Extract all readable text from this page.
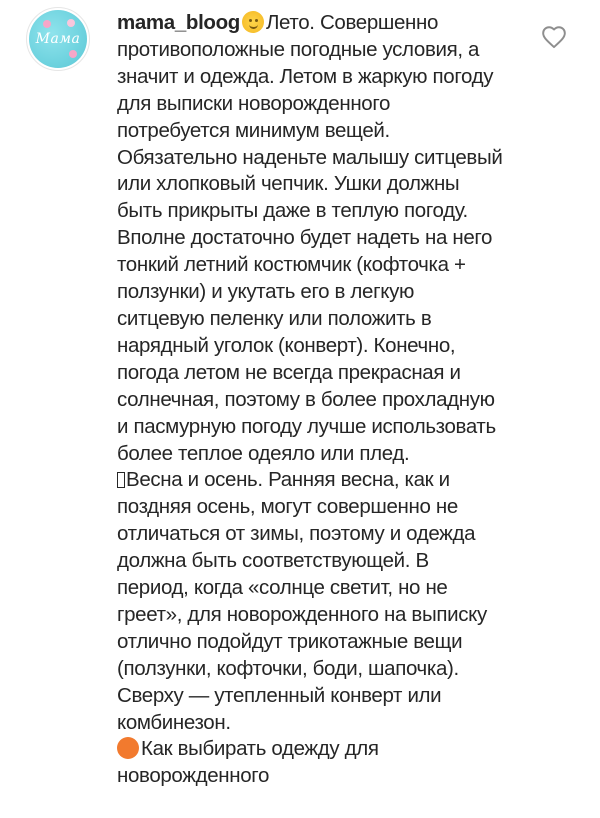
Мама
mama_bloog Лето. Совершенно
противоположные погодные условия, а
значит и одежда. Летом в жаркую погоду
для выписки новорожденного
потребуется минимум вещей.
Обязательно наденьте малышу ситцевый
или хлопковый чепчик. Ушки должны
быть прикрыты даже в теплую погоду.
Вполне достаточно будет надеть на него
тонкий летний костюмчик (кофточка +
ползунки) и укутать его в легкую
ситцевую пеленку или положить в
нарядный уголок (конверт). Конечно,
погода летом не всегда прекрасная и
солнечная, поэтому в более прохладную
и пасмурную погоду лучше использовать
более теплое одеяло или плед.
Весна и осень. Ранняя весна, как и
поздняя осень, могут совершенно не
отличаться от зимы, поэтому и одежда
должна быть соответствующей. В
период, когда «солнце светит, но не
греет», для новорожденного на выписку
отлично подойдут трикотажные вещи
(ползунки, кофточки, боди, шапочка).
Сверху — утепленный конверт или
комбинезон.
Как выбирать одежду для
новорожденного
